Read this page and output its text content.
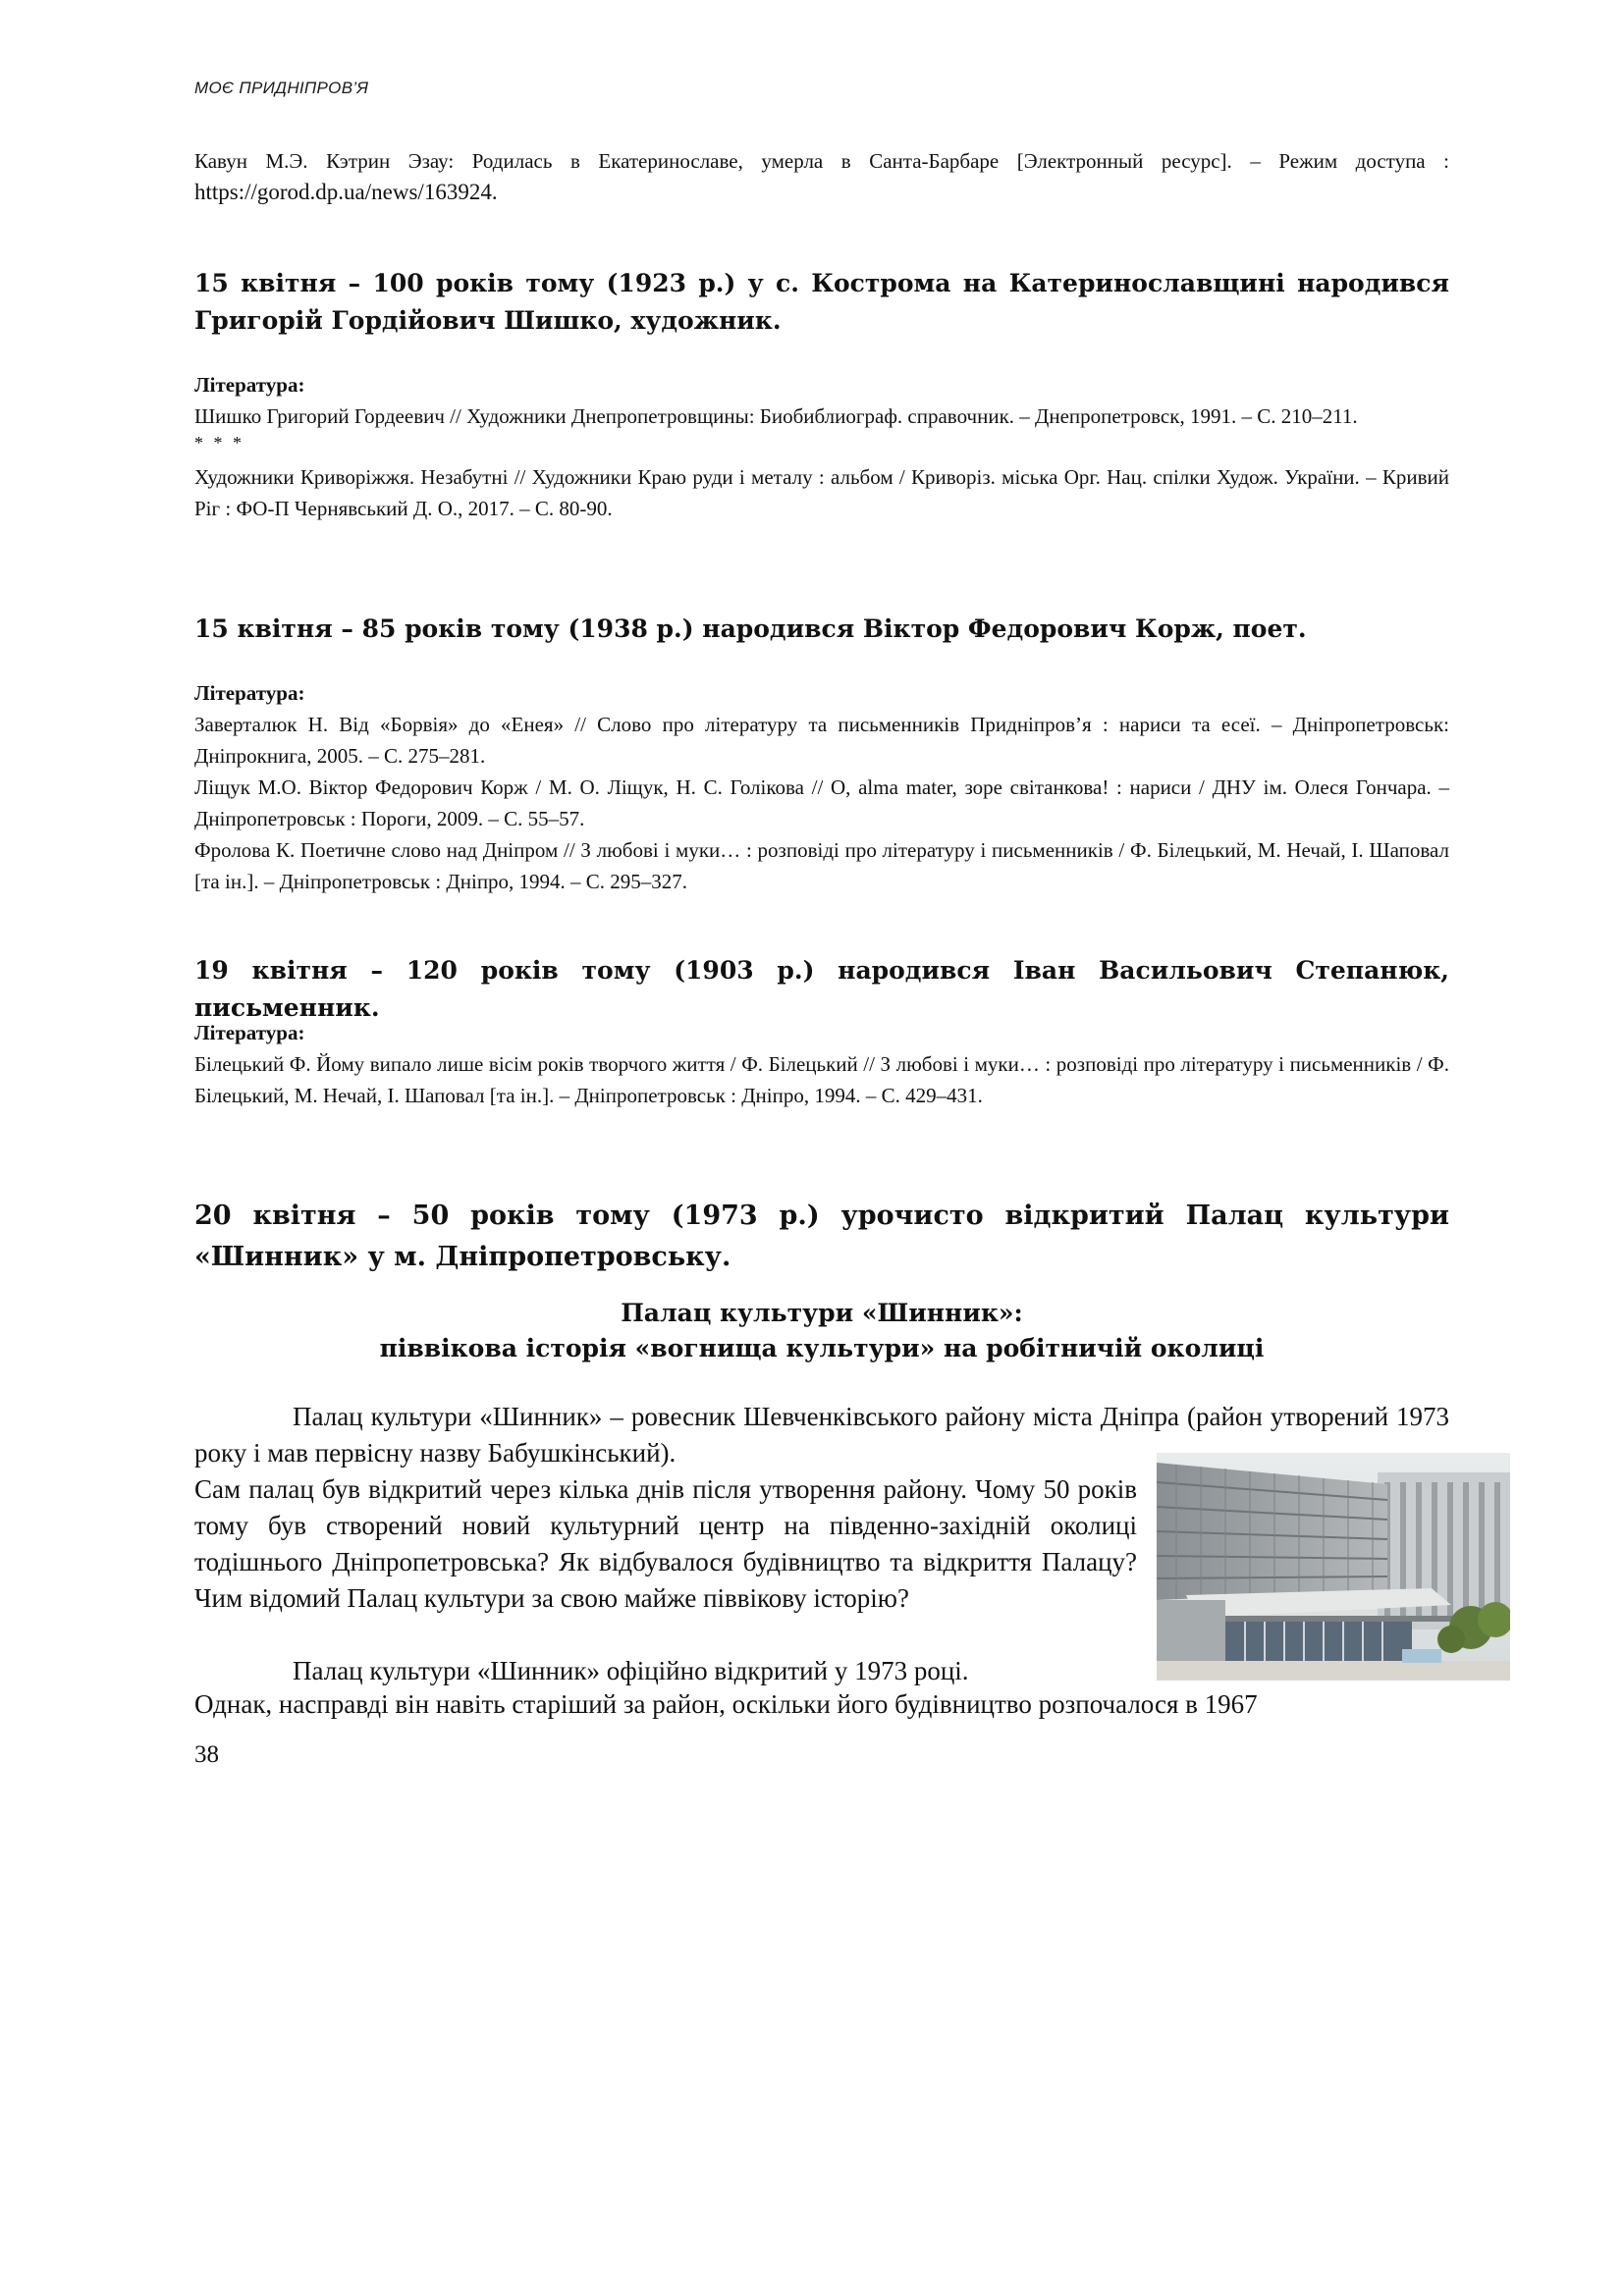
МОЄ ПРИДНІПРОВ’Я

Кавун М.Э. Кэтрин Эзау: Родилась в Екатеринославе, умерла в Санта-Барбаре [Электронный ресурс]. – Режим доступа : https://gorod.dp.ua/news/163924.

15 квітня – 100 років тому (1923 р.) у с. Кострома на Катеринославщині народився Григорій Гордійович Шишко, художник.

Література:

Шишко Григорий Гордеевич // Художники Днепропетровщины: Биобиблиограф. справочник. – Днепропетровск, 1991. – С. 210–211.

* * *

Художники Криворіжжя. Незабутні // Художники Краю руди і металу : альбом / Криворіз. міська Орг. Нац. спілки Худож. України. – Кривий Ріг : ФО-П Чернявський Д. О., 2017. – С. 80-90.

15 квітня – 85 років тому (1938 р.) народився Віктор Федорович Корж, поет.

Література:

Заверталюк Н. Від «Борвія» до «Енея» // Слово про літературу та письменників Придніпров’я : нариси та есеї. – Дніпропетровськ: Дніпрокнига, 2005. – С. 275–281.

Ліщук М.О. Віктор Федорович Корж / М. О. Ліщук, Н. С. Голікова // О, alma mater, зоре світанкова! : нариси / ДНУ ім. Олеся Гончара. – Дніпропетровськ : Пороги, 2009. – С. 55–57.

Фролова К. Поетичне слово над Дніпром // З любові і муки… : розповіді про літературу і письменників / Ф. Білецький, М. Нечай, І. Шаповал [та ін.]. – Дніпропетровськ : Дніпро, 1994. – С. 295–327.

19 квітня – 120 років тому (1903 р.) народився Іван Васильович Степанюк, письменник.

Література:

Білецький Ф. Йому випало лише вісім років творчого життя / Ф. Білецький // З любові і муки… : розповіді про літературу і письменників / Ф. Білецький, М. Нечай, І. Шаповал [та ін.]. – Дніпропетровськ : Дніпро, 1994. – С. 429–431.

20 квітня – 50 років тому (1973 р.) урочисто відкритий Палац культури «Шинник» у м. Дніпропетровську.

Палац культури «Шинник»:

піввікова історія «вогнища культури» на робітничій околиці

Палац культури «Шинник» – ровесник Шевченківського району міста Дніпра (район утворений 1973 року і мав первісну назву Бабушкінський).

Сам палац був відкритий через кілька днів після утворення району. Чому 50 років тому був створений новий культурний центр на південно-західній околиці тодішнього Дніпропетровська? Як відбувалося будівництво та відкриття Палацу? Чим відомий Палац культури за свою майже піввікову історію?

Палац культури «Шинник» офіційно відкритий у 1973 році.

Однак, насправді він навіть старіший за район, оскільки його будівництво розпочалося в 1967

38
